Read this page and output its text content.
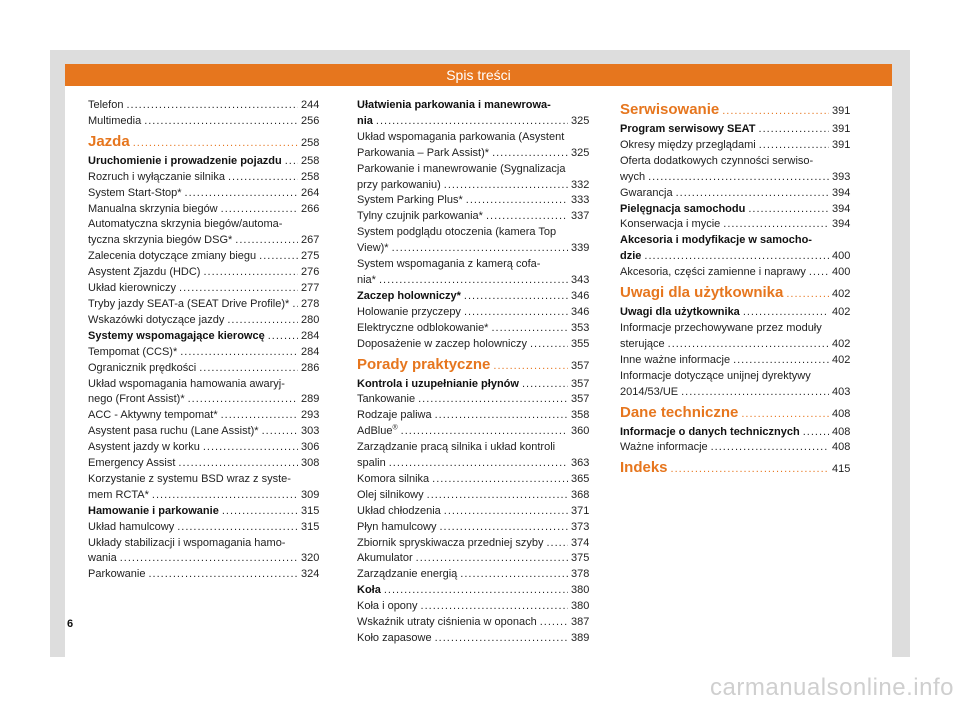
Spis treści
Telefon .....	244
Multimedia .....	256
Jazda .....	258
Uruchomienie i prowadzenie pojazdu ..... 258
Rozruch i wyłączanie silnika .....	258
System Start-Stop* .....	264
Manualna skrzynia biegów .....	266
Automatyczna skrzynia biegów/automa-
tyczna skrzynia biegów DSG* .....	267
Zalecenia dotyczące zmiany biegu .....	275
Asystent Zjazdu (HDC) .....	276
Układ kierowniczy .....	277
Tryby jazdy SEAT-a (SEAT Drive Profile)* ..... 278
Wskazówki dotyczące jazdy .....	280
Systemy wspomagające kierowcę .....	284
Tempomat (CCS)* .....	284
Ogranicznik prędkości .....	286
Układ wspomagania hamowania awaryj-
nego (Front Assist)* .....	289
ACC - Aktywny tempomat* .....	293
Asystent pasa ruchu (Lane Assist)* .....	303
Asystent jazdy w korku .....	306
Emergency Assist .....	308
Korzystanie z systemu BSD wraz z syste-
mem RCTA* .....	309
Hamowanie i parkowanie .....	315
Układ hamulcowy .....	315
Układy stabilizacji i wspomagania hamo-
wania .....	320
Parkowanie .....	324
Ułatwienia parkowania i manewrowa-
nia .....	325
Układ wspomagania parkowania (Asystent
Parkowania – Park Assist)* .....	325
Parkowanie i manewrowanie (Sygnalizacja
przy parkowaniu) .....	332
System Parking Plus* .....	333
Tylny czujnik parkowania* .....	337
System podglądu otoczenia (kamera Top
View)* .....	339
System wspomagania z kamerą cofa-
nia* .....	343
Zaczep holowniczy* .....	346
Holowanie przyczepy .....	346
Elektryczne odblokowanie* .....	353
Doposażenie w zaczep holowniczy .....	355
Porady praktyczne .....	357
Kontrola i uzupełnianie płynów .....	357
Tankowanie .....	357
Rodzaje paliwa .....	358
AdBlue® .....	360
Zarządzanie pracą silnika i układ kontroli
spalin .....	363
Komora silnika .....	365
Olej silnikowy .....	368
Układ chłodzenia .....	371
Płyn hamulcowy .....	373
Zbiornik spryskiwacza przedniej szyby .....	374
Akumulator .....	375
Zarządzanie energią .....	378
Koła .....	380
Koła i opony .....	380
Wskaźnik utraty ciśnienia w oponach .....	387
Koło zapasowe .....	389
Serwisowanie .....	391
Program serwisowy SEAT .....	391
Okresy między przeglądami .....	391
Oferta dodatkowych czynności serwiso-
wych .....	393
Gwarancja .....	394
Pielęgnacja samochodu .....	394
Konserwacja i mycie .....	394
Akcesoria i modyfikacje w samocho-
dzie .....	400
Akcesoria, części zamienne i naprawy ..... 400
Uwagi dla użytkownika .....	402
Uwagi dla użytkownika .....	402
Informacje przechowywane przez moduły
sterujące .....	402
Inne ważne informacje .....	402
Informacje dotyczące unijnej dyrektywy
2014/53/UE .....	403
Dane techniczne .....	408
Informacje o danych technicznych .....	408
Ważne informacje .....	408
Indeks .....	415
6
carmanualsonline.info
